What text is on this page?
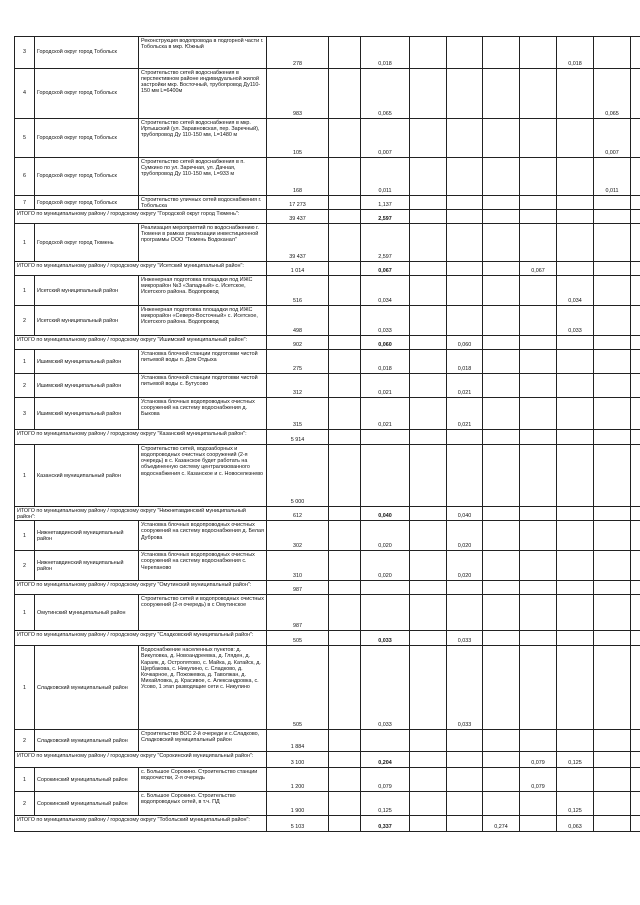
3	Городской округ город Тобольск	Реконструкция водопровода в подгорной части г. Тобольска в мкр. Южный	278		0,018					0,018				
4	Городской округ город Тобольск	Строительство сетей водоснабжения в перспективном районе индивидуальной жилой застройки мкр. Восточный, трубопровод Ду110-150 мм L=6400м	983		0,065						0,065			
5	Городской округ город Тобольск	Строительство сетей водоснабжения в мкр. Иртышский (ул. Заравновская, пер. Заречный), трубопровод Ду 110-150 мм, L=1480 м	105		0,007						0,007			
6	Городской округ город Тобольск	Строительство сетей водоснабжения в п. Сумкино по ул. Заречная, ул. Дачная, трубопровод Ду 110-150 мм, L=933 м	168		0,011						0,011			
7	Городской округ город Тобольск	Строительство уличных сетей водоснабжения г. Тобольска	17 273		1,137									
ИТОГО по муниципальному району / городскому округу "Городской округ город Тюмень":			39 437		2,597									
1	Городской округ город Тюмень	Реализация мероприятий по водоснабжению г. Тюмени в рамках реализации инвестиционной программы ООО "Тюмень Водоканал"	39 437		2,597									
ИТОГО по муниципальному району / городскому округу "Исетский муниципальный район":			1 014		0,067				0,067					
1	Исетский муниципальный район	Инженерная подготовка площадки под ИЖС микрорайон №3 «Западный» с. Исетское, Исетского района. Водопровод	516		0,034					0,034				
2	Исетский муниципальный район	Инженерная подготовка площадки под ИЖС микрорайон «Северо-Восточный» с. Исетское, Исетского района. Водопровод	498		0,033					0,033				
ИТОГО по муниципальному району / городскому округу "Ишимский муниципальный район":			902		0,060		0,060							
1	Ишимский муниципальный район	Установка блочной станции подготовки чистой питьевой воды п. Дом Отдыха	275		0,018		0,018							
2	Ишимский муниципальный район	Установка блочной станции подготовки чистой питьевой воды с. Бутусово	312		0,021		0,021							
3	Ишимский муниципальный район	Установка блочных водопроводных очистных сооружений на систему водоснабжения д. Быкова	315		0,021		0,021							
ИТОГО по муниципальному району / городскому округу "Казанский муниципальный район":			5 914											
1	Казанский муниципальный район	Строительство сетей, водозаборных и водопроводных очистных сооружений (2-я очередь) в с. Казанское будет работать на объединенную систему централизованного водоснабжения с. Казанское и с. Новоселезнево	5 000											
ИТОГО по муниципальному району / городскому округу "Нижнетавдинский муниципальный район":			612		0,040		0,040							
1	Нижнетавдинский муниципальный район	Установка блочных водопроводных очистных сооружений на систему водоснабжения д. Белая Дуброва	302		0,020		0,020							
2	Нижнетавдинский муниципальный район	Установка блочных водопроводных очистных сооружений на систему водоснабжения с. Черепаново	310		0,020		0,020							
ИТОГО по муниципальному району / городскому округу "Омутинский муниципальный район":			987											
1	Омутинский муниципальный район	Строительство сетей и водопроводных очистных сооружений (2-я очередь) в с Омутинское	987											
ИТОГО по муниципальному району / городскому округу "Сладковский муниципальный район":			505		0,033		0,033							
1	Сладковский муниципальный район	Водоснабжение населенных пунктов: д. Викуловка, д. Новоандреевка, д. Гляден, д. Караяк, д. Остропятово, с. Майка, д. Катайск, д. Щербакова, с. Никулино, с. Сладково, д. Кочкарное, д. Пожожевка, д. Таволжан, д. Михайловка, д. Красивое, с. Александровка, с. Усово, 1 этап разводящие сети с. Никулино	505		0,033		0,033							
2	Сладковский муниципальный район	Строительство ВОС 2-й очереди и с.Сладково, Сладковский муниципальный район	1 884											
ИТОГО по муниципальному району / городскому округу "Сорокинский муниципальный район":			3 100		0,204				0,079	0,125				
1	Сорокинский муниципальный район	с. Большое Сорокино. Строительство станции водоочистки, 2-я очередь	1 200		0,079				0,079					
2	Сорокинский муниципальный район	с. Большое Сорокино. Строительство водопроводных сетей, в т.ч. ПД	1 900		0,125					0,125				
ИТОГО по муниципальному району / городскому округу "Тобольский муниципальный район":			5 103		0,337			0,274		0,063				
